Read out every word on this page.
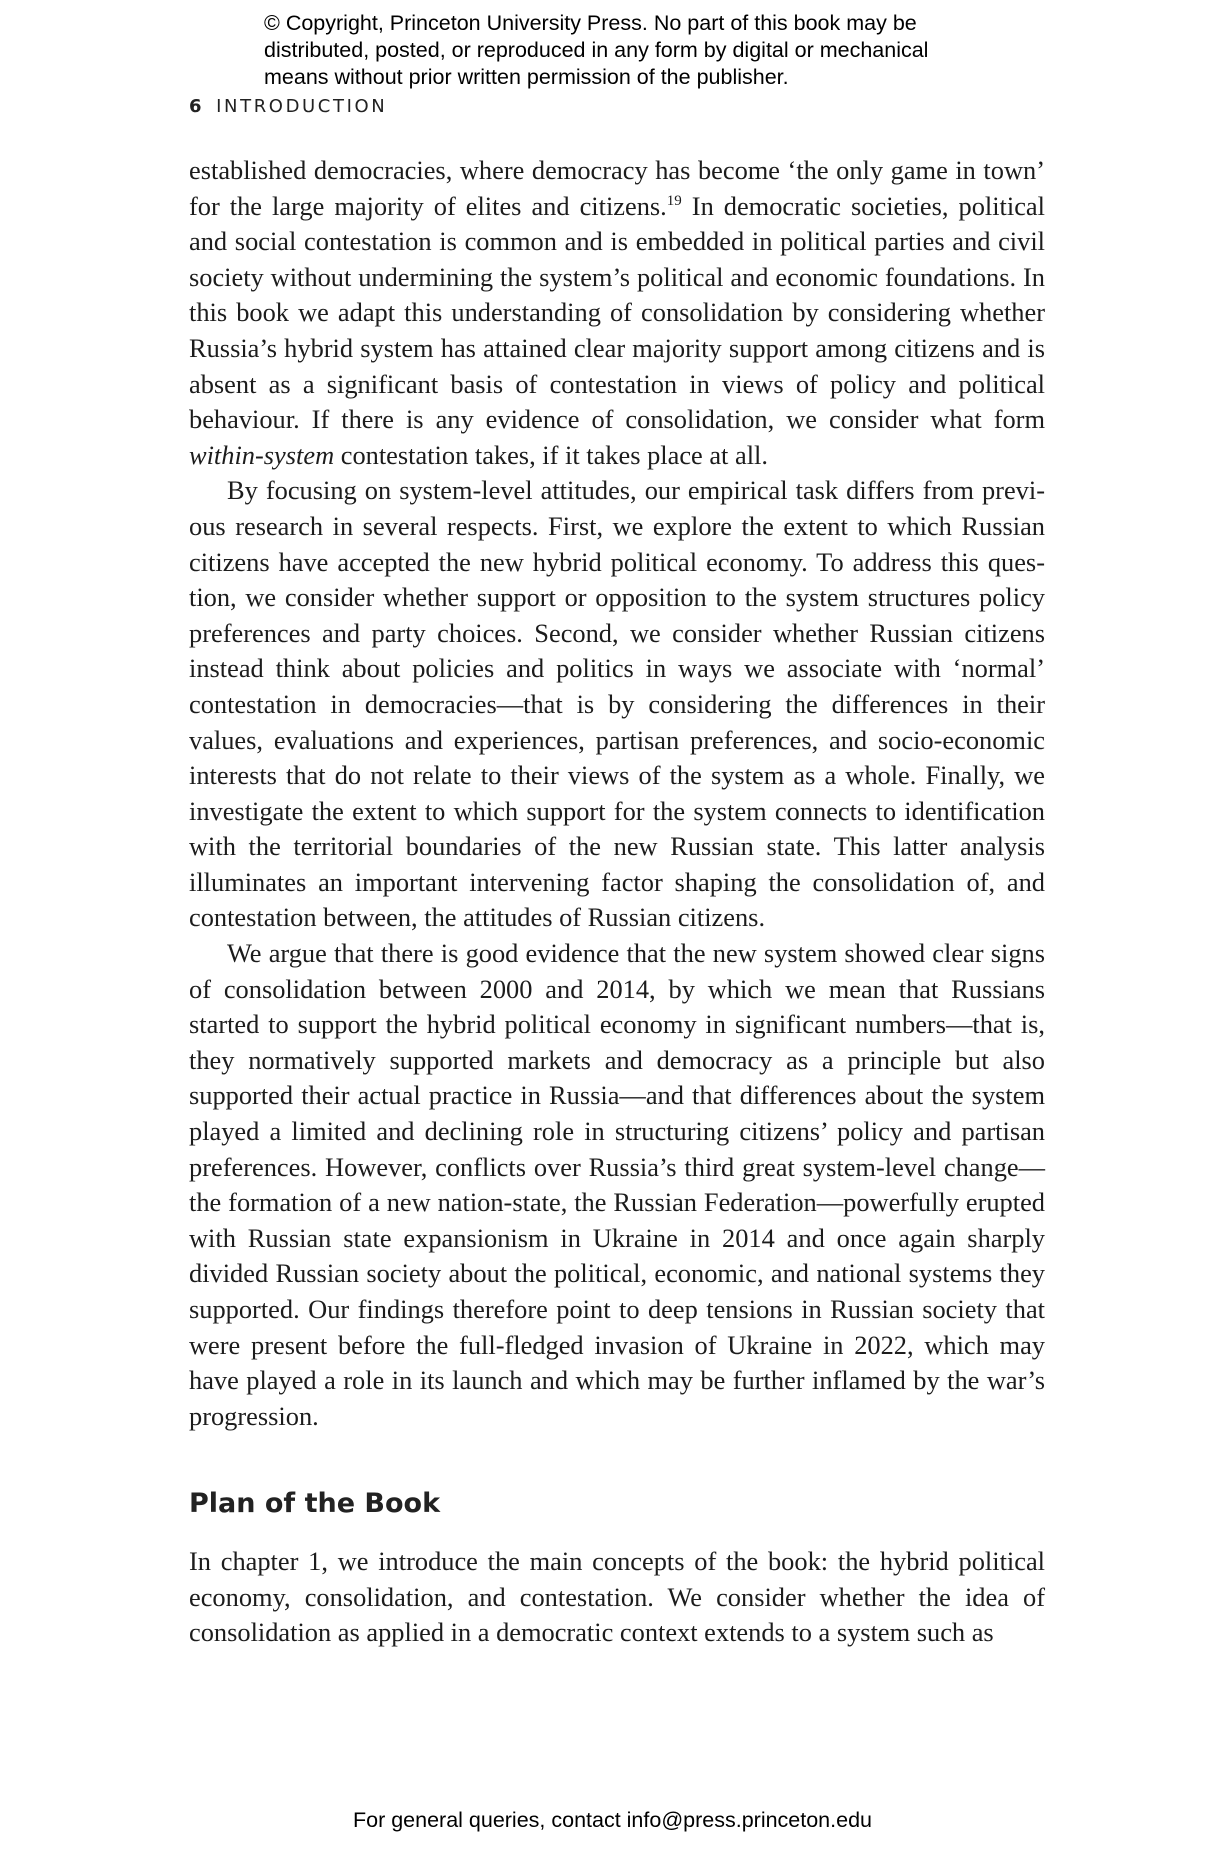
© Copyright, Princeton University Press. No part of this book may be
distributed, posted, or reproduced in any form by digital or mechanical
means without prior written permission of the publisher.
6 INTRODUCTION

established democracies, where democracy has become ‘the only game in town’ for the large majority of elites and citizens.$^{19}$ In democratic societies, political and social contestation is common and is embedded in political parties and civil society without undermining the system’s political and economic foundations. In this book we adapt this understanding of consolidation by considering whether Russia’s hybrid system has attained clear majority support among citizens and is absent as a significant basis of contestation in views of policy and political behaviour. If there is any evidence of consolidation, we consider what form within-system contestation takes, if it takes place at all.

By focusing on system-level attitudes, our empirical task differs from previous research in several respects. First, we explore the extent to which Russian citizens have accepted the new hybrid political economy. To address this question, we consider whether support or opposition to the system structures policy preferences and party choices. Second, we consider whether Russian citizens instead think about policies and politics in ways we associate with ‘normal’ contestation in democracies—that is by considering the differences in their values, evaluations and experiences, partisan preferences, and socio-economic interests that do not relate to their views of the system as a whole. Finally, we investigate the extent to which support for the system connects to identification with the territorial boundaries of the new Russian state. This latter analysis illuminates an important intervening factor shaping the consolidation of, and contestation between, the attitudes of Russian citizens.

We argue that there is good evidence that the new system showed clear signs of consolidation between 2000 and 2014, by which we mean that Russians started to support the hybrid political economy in significant numbers—that is, they normatively supported markets and democracy as a principle but also supported their actual practice in Russia—and that differences about the system played a limited and declining role in structuring citizens’ policy and partisan preferences. However, conflicts over Russia’s third great system-level change—the formation of a new nation-state, the Russian Federation—powerfully erupted with Russian state expansionism in Ukraine in 2014 and once again sharply divided Russian society about the political, economic, and national systems they supported. Our findings therefore point to deep tensions in Russian society that were present before the full-fledged invasion of Ukraine in 2022, which may have played a role in its launch and which may be further inflamed by the war’s progression.

Plan of the Book

In chapter 1, we introduce the main concepts of the book: the hybrid political economy, consolidation, and contestation. We consider whether the idea of consolidation as applied in a democratic context extends to a system such as

For general queries, contact info@press.princeton.edu
